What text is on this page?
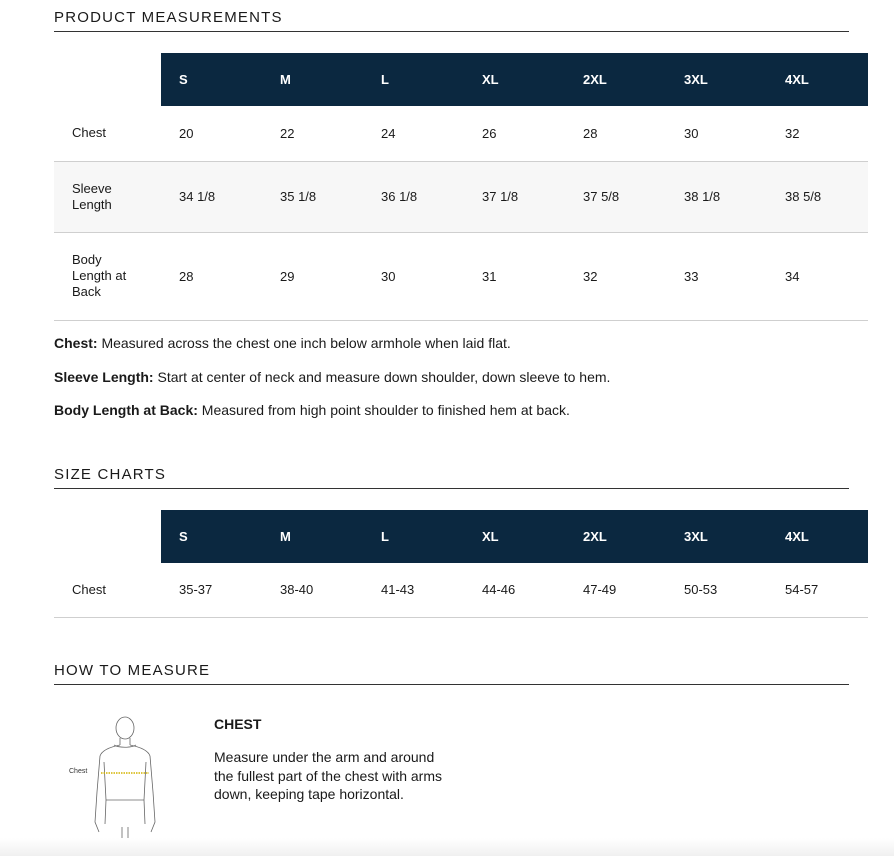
PRODUCT MEASUREMENTS
	S	M	L	XL	2XL	3XL	4XL
Chest	20	22	24	26	28	30	32
Sleeve Length	34 1/8	35 1/8	36 1/8	37 1/8	37 5/8	38 1/8	38 5/8
Body Length at Back	28	29	30	31	32	33	34
Chest: Measured across the chest one inch below armhole when laid flat.
Sleeve Length: Start at center of neck and measure down shoulder, down sleeve to hem.
Body Length at Back: Measured from high point shoulder to finished hem at back.
SIZE CHARTS
	S	M	L	XL	2XL	3XL	4XL
Chest	35-37	38-40	41-43	44-46	47-49	50-53	54-57
HOW TO MEASURE
Chest
CHEST
Measure under the arm and around the fullest part of the chest with arms down, keeping tape horizontal.
